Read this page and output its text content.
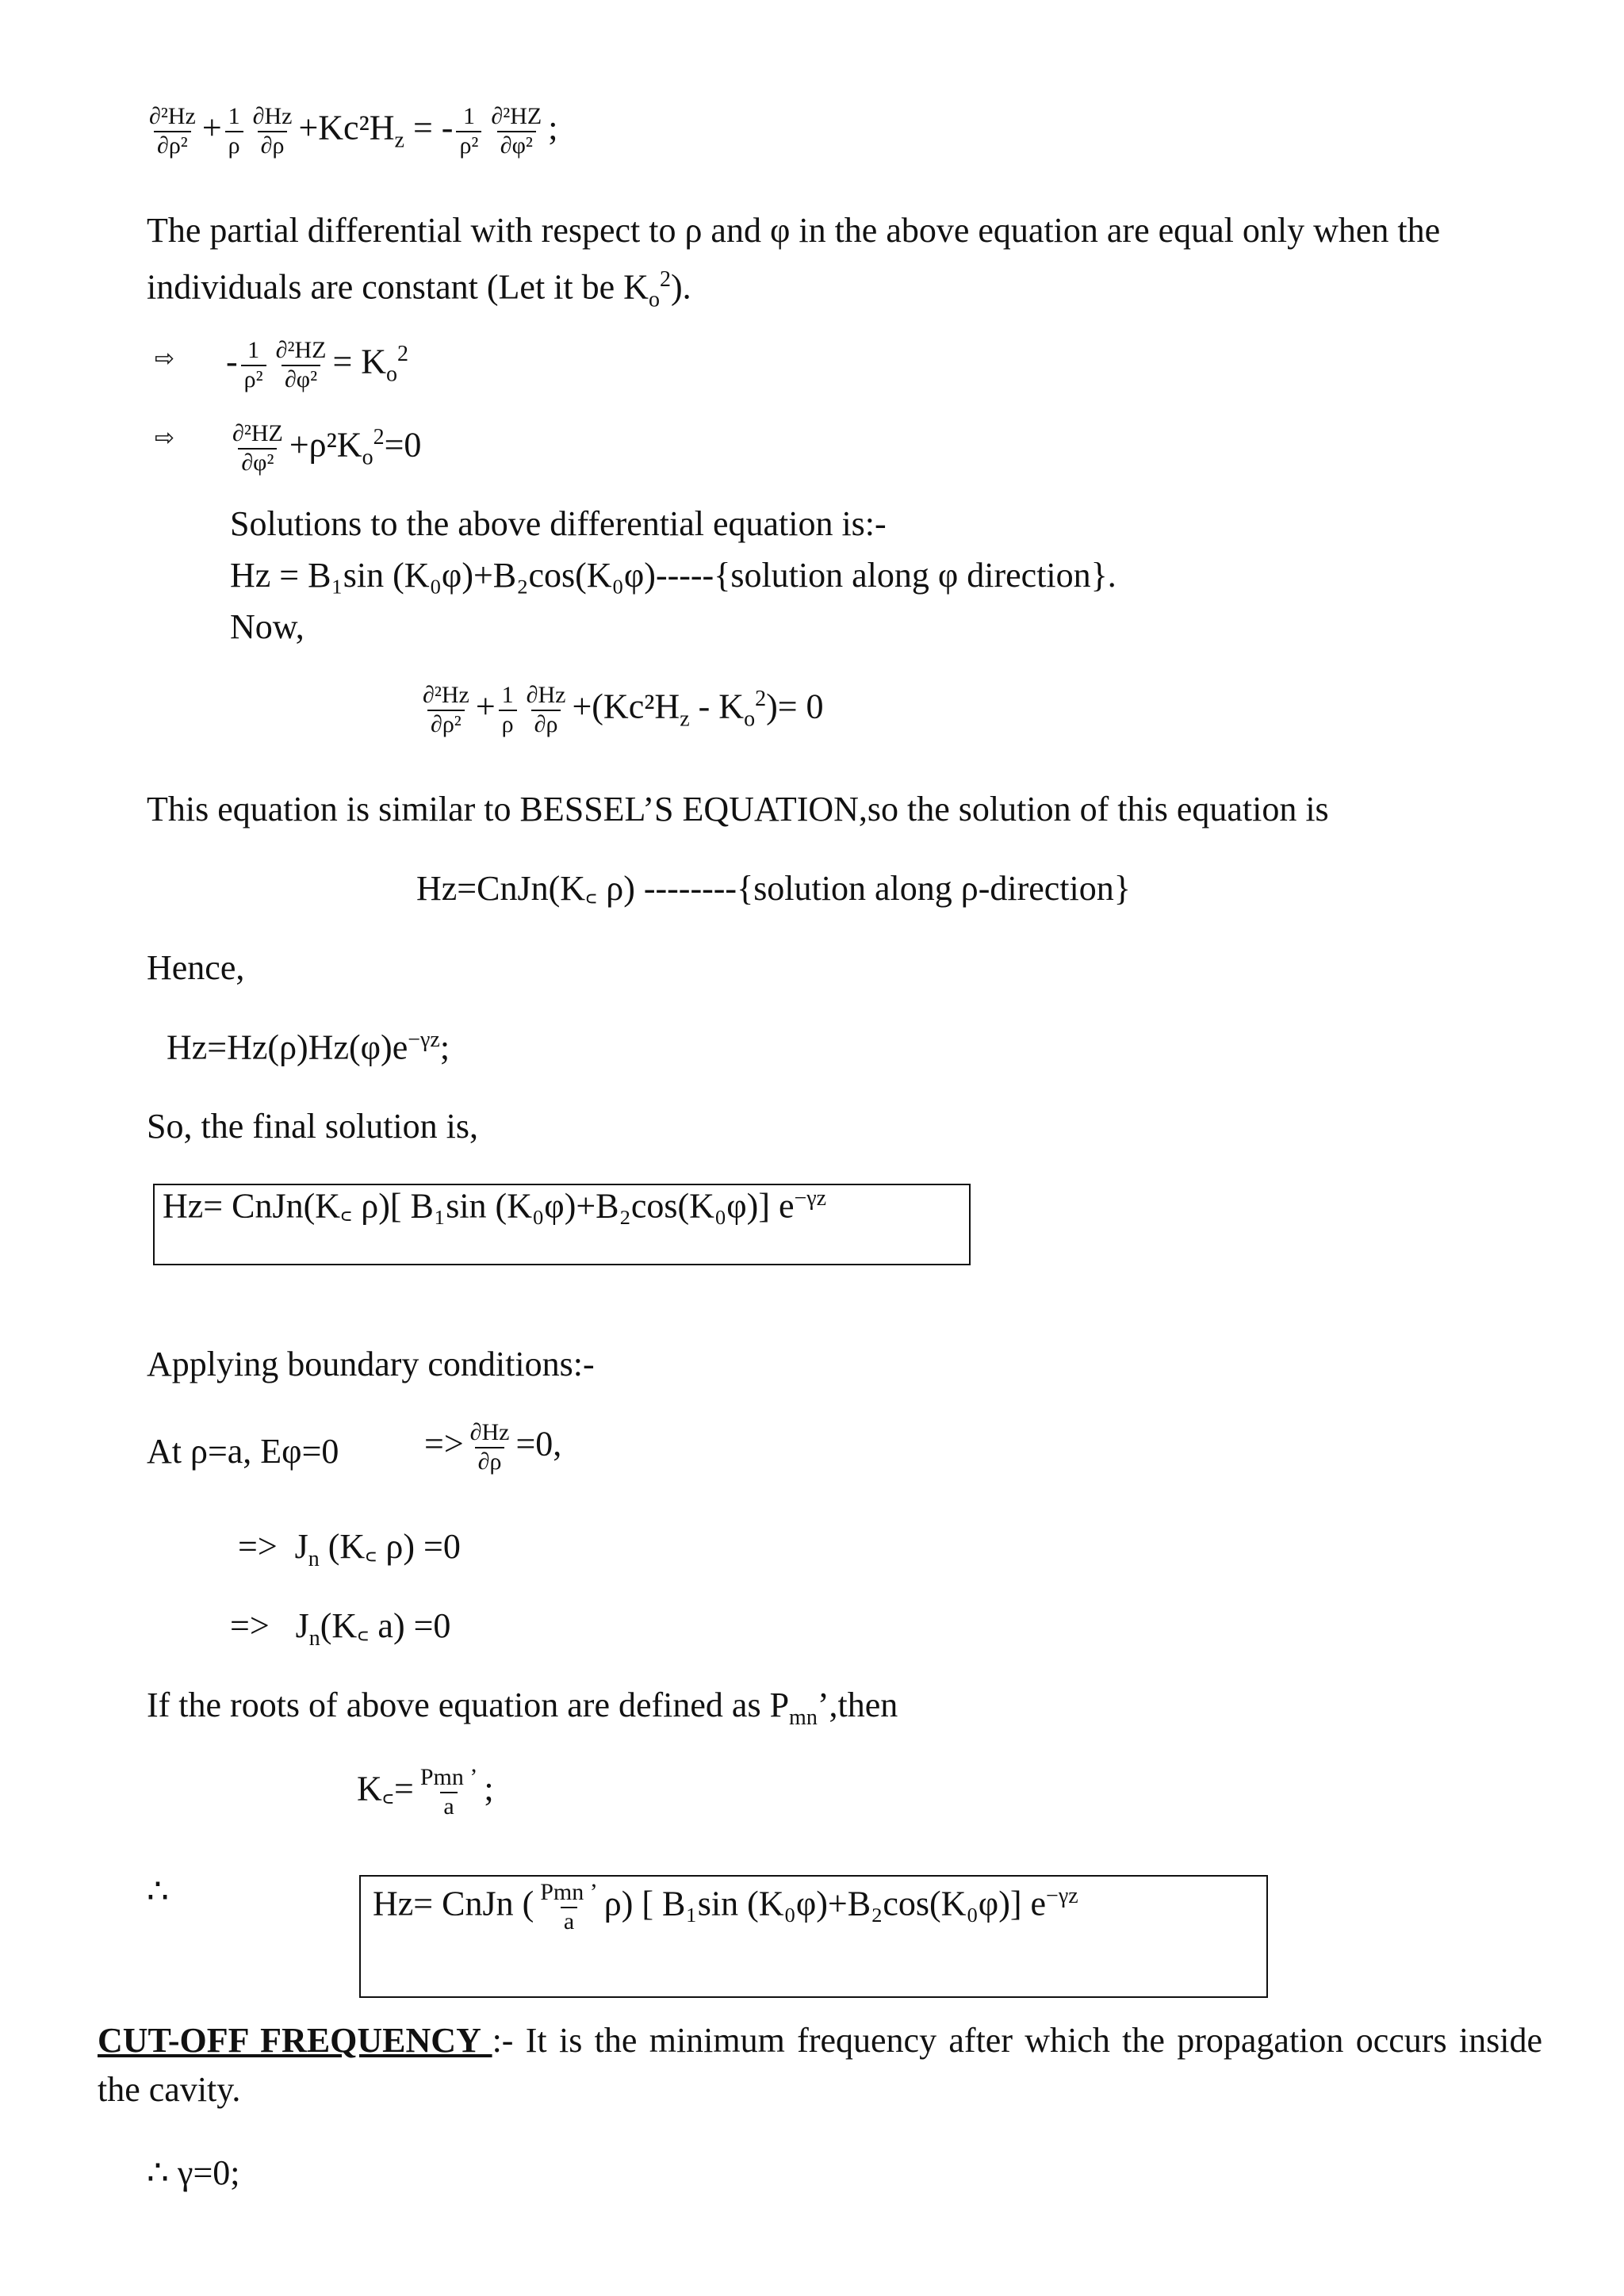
$\frac{\text{∂²Hz}}{\text{∂ρ²}} + \frac{1}{\rho} \frac{\partial Hz}{\partial\rho} +Kc^2H_z$ = - $\frac{1}{\text{ρ²}} \frac{\text{∂²HZ}}{\text{∂φ²}}$ ;
The partial differential with respect to ρ and φ in the above equation are equal only when the individuals are constant (Let it be $K_o^2$).
⇨ - $\frac{1}{\text{ρ²}} \frac{\text{∂²HZ}}{\text{∂φ²}} = K_o^2$
⇨ $\frac{\text{∂²HZ}}{\text{∂φ²}} +\rho^2K_o^2=0$
Solutions to the above differential equation is:-
Hz = B₁sin (K₀φ)+B₂cos(K₀φ)-----{solution along φ direction}.
Now,
$\frac{\text{∂²Hz}}{\text{∂ρ²}} + \frac{1}{\rho} \frac{\partial Hz}{\partial\rho} +(Kc^2H_z - K_o^2)= 0$
This equation is similar to BESSEL’S EQUATION,so the solution of this equation is
Hz=CnJn(K꜀ ρ) --------{solution along ρ-direction}
Hence,
$Hz=Hz(\rho)Hz(\varphi)e^{-\gamma z}$;
So, the final solution is,
Hz= CnJn(K꜀ ρ)[ B₁sin (K₀φ)+B₂cos(K₀φ)] $e^{-\gamma z}$
Applying boundary conditions:-
At ρ=a, $E\varphi=0 => \frac{\partial Hz}{\partial\rho} =0$,
=> $J_n$ (K꜀ ρ) =0
=> $J_n(K꜀$ a) =0
If the roots of above equation are defined as $P_{mn}’,then$
K꜀= $\frac{\text{Pmn ’}}{a}$ ;
∴	Hz= CnJn ( $\frac{\text{Pmn ’}}{a} \rho$) [ B₁sin (K₀φ)+B₂cos(K₀φ)] $e^{-\gamma z}$
CUT-OFF FREQUENCY :- It is the minimum frequency after which the propagation occurs inside the cavity.
∴ γ=0;
